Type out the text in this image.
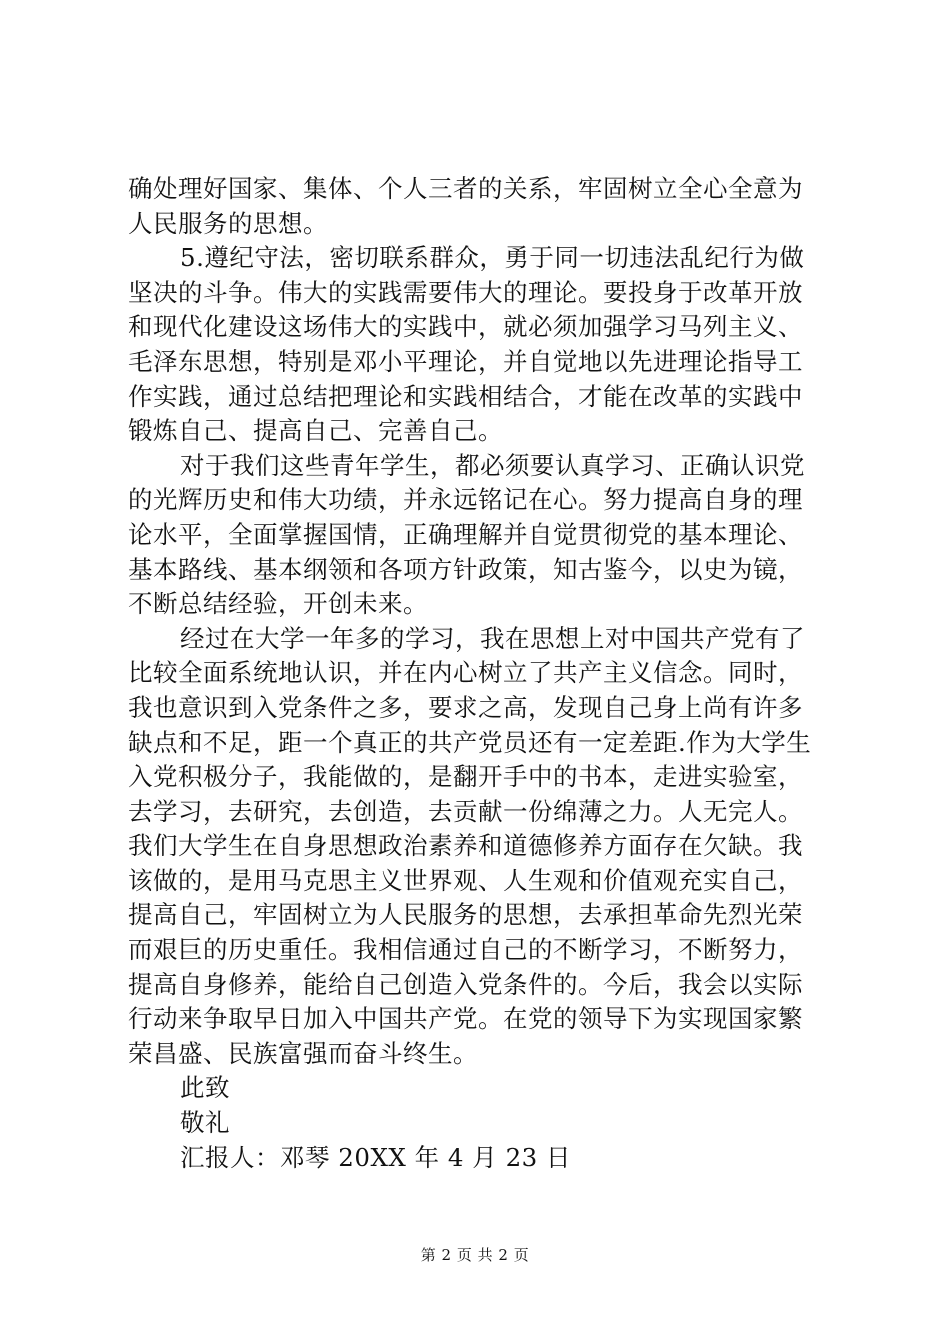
确处理好国家、集体、个人三者的关系，牢固树立全心全意为
人民服务的思想。
5.遵纪守法，密切联系群众，勇于同一切违法乱纪行为做
坚决的斗争。伟大的实践需要伟大的理论。要投身于改革开放
和现代化建设这场伟大的实践中，就必须加强学习马列主义、
毛泽东思想，特别是邓小平理论，并自觉地以先进理论指导工
作实践，通过总结把理论和实践相结合，才能在改革的实践中
锻炼自己、提高自己、完善自己。
对于我们这些青年学生，都必须要认真学习、正确认识党
的光辉历史和伟大功绩，并永远铭记在心。努力提高自身的理
论水平，全面掌握国情，正确理解并自觉贯彻党的基本理论、
基本路线、基本纲领和各项方针政策，知古鉴今，以史为镜，
不断总结经验，开创未来。
经过在大学一年多的学习，我在思想上对中国共产党有了
比较全面系统地认识，并在内心树立了共产主义信念。同时，
我也意识到入党条件之多，要求之高，发现自己身上尚有许多
缺点和不足，距一个真正的共产党员还有一定差距.作为大学生
入党积极分子，我能做的，是翻开手中的书本，走进实验室，
去学习，去研究，去创造，去贡献一份绵薄之力。人无完人。
我们大学生在自身思想政治素养和道德修养方面存在欠缺。我
该做的，是用马克思主义世界观、人生观和价值观充实自己，
提高自己，牢固树立为人民服务的思想，去承担革命先烈光荣
而艰巨的历史重任。我相信通过自己的不断学习，不断努力，
提高自身修养，能给自己创造入党条件的。今后，我会以实际
行动来争取早日加入中国共产党。在党的领导下为实现国家繁
荣昌盛、民族富强而奋斗终生。
此致
敬礼
汇报人：邓琴 20XX 年 4 月 23 日
第 2 页 共 2 页
